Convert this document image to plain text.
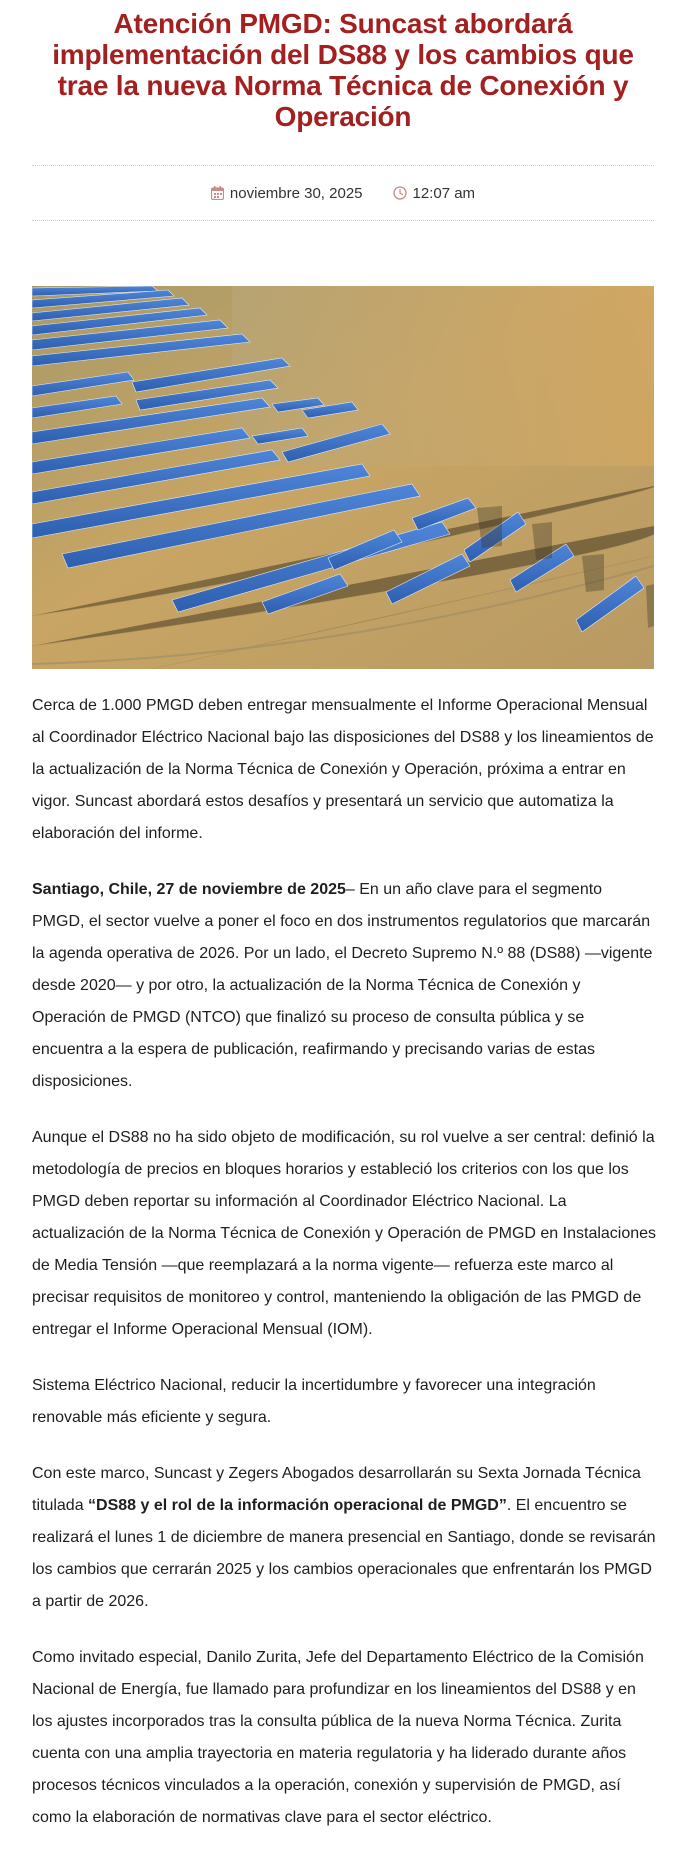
Atención PMGD: Suncast abordará implementación del DS88 y los cambios que trae la nueva Norma Técnica de Conexión y Operación
noviembre 30, 2025	12:07 am

Cerca de 1.000 PMGD deben entregar mensualmente el Informe Operacional Mensual al Coordinador Eléctrico Nacional bajo las disposiciones del DS88 y los lineamientos de la actualización de la Norma Técnica de Conexión y Operación, próxima a entrar en vigor. Suncast abordará estos desafíos y presentará un servicio que automatiza la elaboración del informe.

Santiago, Chile, 27 de noviembre de 2025– En un año clave para el segmento PMGD, el sector vuelve a poner el foco en dos instrumentos regulatorios que marcarán la agenda operativa de 2026. Por un lado, el Decreto Supremo N.º 88 (DS88) —vigente desde 2020— y por otro, la actualización de la Norma Técnica de Conexión y Operación de PMGD (NTCO) que finalizó su proceso de consulta pública y se encuentra a la espera de publicación, reafirmando y precisando varias de estas disposiciones.

Aunque el DS88 no ha sido objeto de modificación, su rol vuelve a ser central: definió la metodología de precios en bloques horarios y estableció los criterios con los que los PMGD deben reportar su información al Coordinador Eléctrico Nacional. La actualización de la Norma Técnica de Conexión y Operación de PMGD en Instalaciones de Media Tensión —que reemplazará a la norma vigente— refuerza este marco al precisar requisitos de monitoreo y control, manteniendo la obligación de las PMGD de entregar el Informe Operacional Mensual (IOM).

Sistema Eléctrico Nacional, reducir la incertidumbre y favorecer una integración renovable más eficiente y segura.

Con este marco, Suncast y Zegers Abogados desarrollarán su Sexta Jornada Técnica titulada “DS88 y el rol de la información operacional de PMGD”. El encuentro se realizará el lunes 1 de diciembre de manera presencial en Santiago, donde se revisarán los cambios que cerrarán 2025 y los cambios operacionales que enfrentarán los PMGD a partir de 2026.

Como invitado especial, Danilo Zurita, Jefe del Departamento Eléctrico de la Comisión Nacional de Energía, fue llamado para profundizar en los lineamientos del DS88 y en los ajustes incorporados tras la consulta pública de la nueva Norma Técnica. Zurita cuenta con una amplia trayectoria en materia regulatoria y ha liderado durante años procesos técnicos vinculados a la operación, conexión y supervisión de PMGD, así como la elaboración de normativas clave para el sector eléctrico.
